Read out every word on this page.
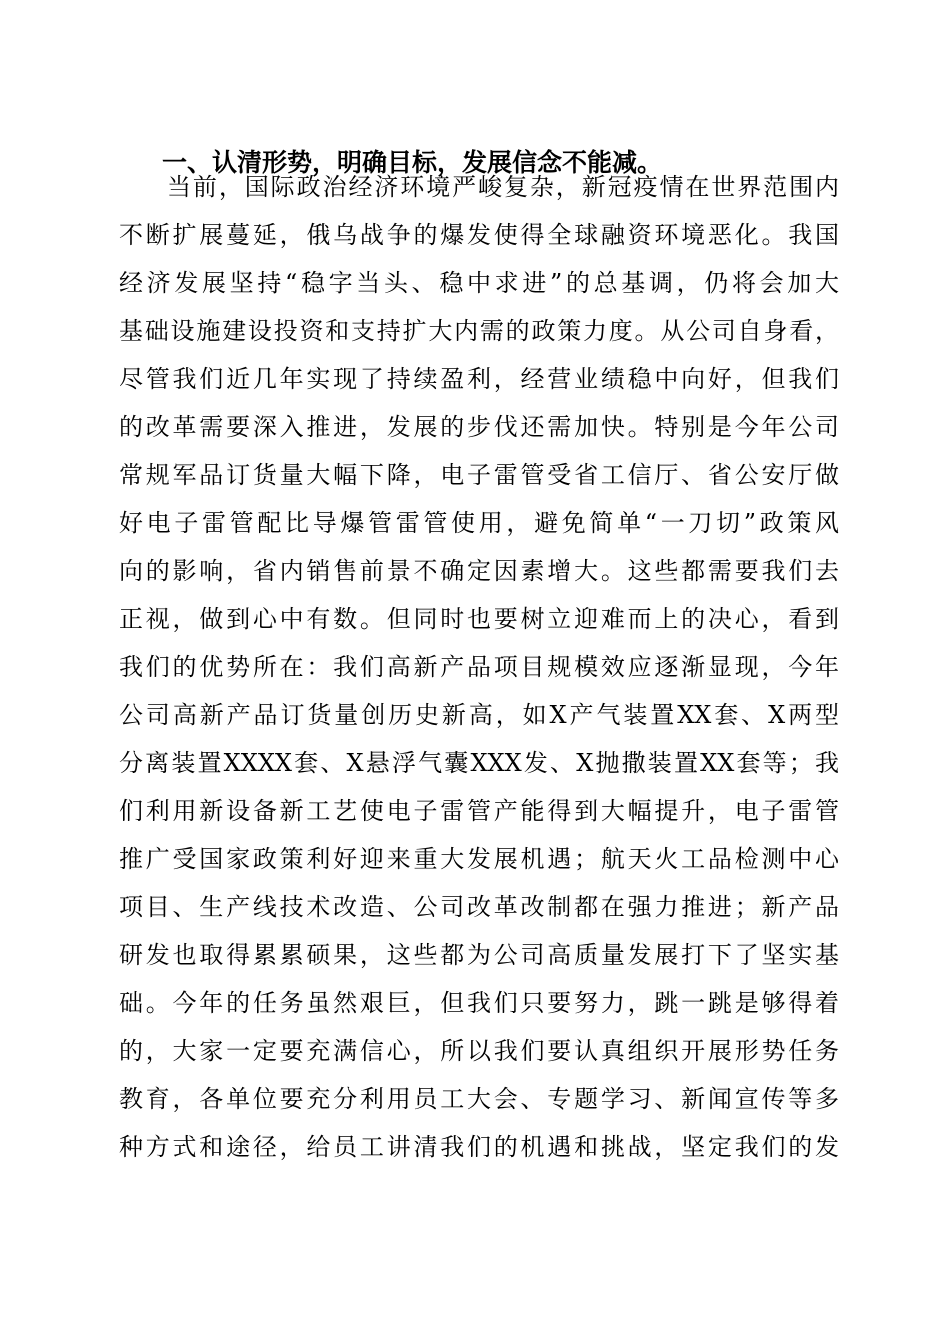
一、认清形势，明确目标，发展信念不能减。
当前，国际政治经济环境严峻复杂，新冠疫情在世界范围内
不断扩展蔓延，俄乌战争的爆发使得全球融资环境恶化。我国
经济发展坚持“稳字当头、稳中求进”的总基调，仍将会加大
基础设施建设投资和支持扩大内需的政策力度。从公司自身看，
尽管我们近几年实现了持续盈利，经营业绩稳中向好，但我们
的改革需要深入推进，发展的步伐还需加快。特别是今年公司
常规军品订货量大幅下降，电子雷管受省工信厅、省公安厅做
好电子雷管配比导爆管雷管使用，避免简单“一刀切”政策风
向的影响，省内销售前景不确定因素增大。这些都需要我们去
正视，做到心中有数。但同时也要树立迎难而上的决心，看到
我们的优势所在：我们高新产品项目规模效应逐渐显现，今年
公司高新产品订货量创历史新高，如X产气装置XX套、X两型
分离装置XXXX套、X悬浮气囊XXX发、X抛撒装置XX套等；我
们利用新设备新工艺使电子雷管产能得到大幅提升，电子雷管
推广受国家政策利好迎来重大发展机遇；航天火工品检测中心
项目、生产线技术改造、公司改革改制都在强力推进；新产品
研发也取得累累硕果，这些都为公司高质量发展打下了坚实基
础。今年的任务虽然艰巨，但我们只要努力，跳一跳是够得着
的，大家一定要充满信心，所以我们要认真组织开展形势任务
教育，各单位要充分利用员工大会、专题学习、新闻宣传等多
种方式和途径，给员工讲清我们的机遇和挑战，坚定我们的发
